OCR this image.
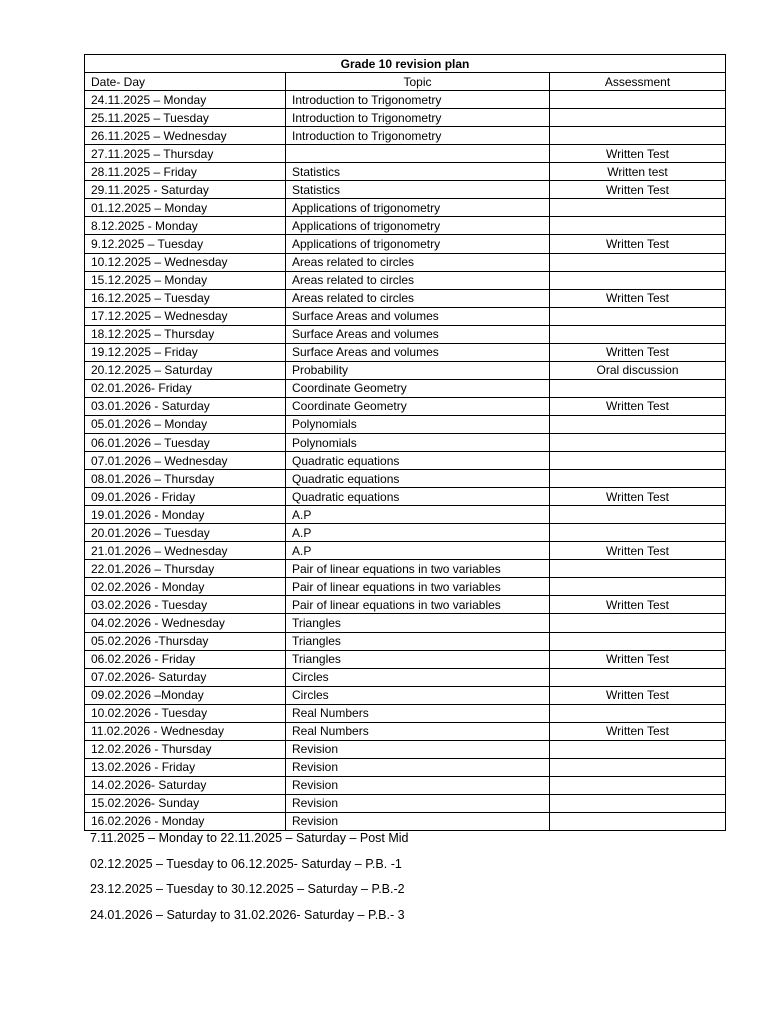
Grade 10 revision plan		
Date- Day	Topic	Assessment
24.11.2025 – Monday	Introduction to Trigonometry	
25.11.2025 – Tuesday	Introduction to Trigonometry	
26.11.2025 – Wednesday	Introduction to Trigonometry	
27.11.2025 – Thursday		Written Test
28.11.2025 – Friday	Statistics	Written test
29.11.2025 - Saturday	Statistics	Written Test
01.12.2025 – Monday	Applications of trigonometry	
8.12.2025 - Monday	Applications of trigonometry	
9.12.2025 – Tuesday	Applications of trigonometry	Written Test
10.12.2025 – Wednesday	Areas related to circles	
15.12.2025 – Monday	Areas related to circles	
16.12.2025 – Tuesday	Areas related to circles	Written Test
17.12.2025 – Wednesday	Surface Areas and volumes	
18.12.2025 – Thursday	Surface Areas and volumes	
19.12.2025 – Friday	Surface Areas and volumes	Written Test
20.12.2025 – Saturday	Probability	Oral discussion
02.01.2026- Friday	Coordinate Geometry	
03.01.2026 - Saturday	Coordinate Geometry	Written Test
05.01.2026 – Monday	Polynomials	
06.01.2026 – Tuesday	Polynomials	
07.01.2026 – Wednesday	Quadratic equations	
08.01.2026 – Thursday	Quadratic equations	
09.01.2026 - Friday	Quadratic equations	Written Test
19.01.2026 - Monday	A.P	
20.01.2026 – Tuesday	A.P	
21.01.2026 – Wednesday	A.P	Written Test
22.01.2026 – Thursday	Pair of linear equations in two variables	
02.02.2026 - Monday	Pair of linear equations in two variables	
03.02.2026 - Tuesday	Pair of linear equations in two variables	Written Test
04.02.2026 - Wednesday	Triangles	
05.02.2026 -Thursday	Triangles	
06.02.2026 - Friday	Triangles	Written Test
07.02.2026- Saturday	Circles	
09.02.2026 –Monday	Circles	Written Test
10.02.2026 - Tuesday	Real Numbers	
11.02.2026 - Wednesday	Real Numbers	Written Test
12.02.2026 - Thursday	Revision	
13.02.2026 - Friday	Revision	
14.02.2026- Saturday	Revision	
15.02.2026- Sunday	Revision	
16.02.2026 - Monday	Revision	

7.11.2025 – Monday to 22.11.2025 – Saturday – Post Mid

02.12.2025 – Tuesday to 06.12.2025- Saturday – P.B. -1

23.12.2025 – Tuesday to 30.12.2025 – Saturday – P.B.-2

24.01.2026 – Saturday to 31.02.2026- Saturday – P.B.- 3
